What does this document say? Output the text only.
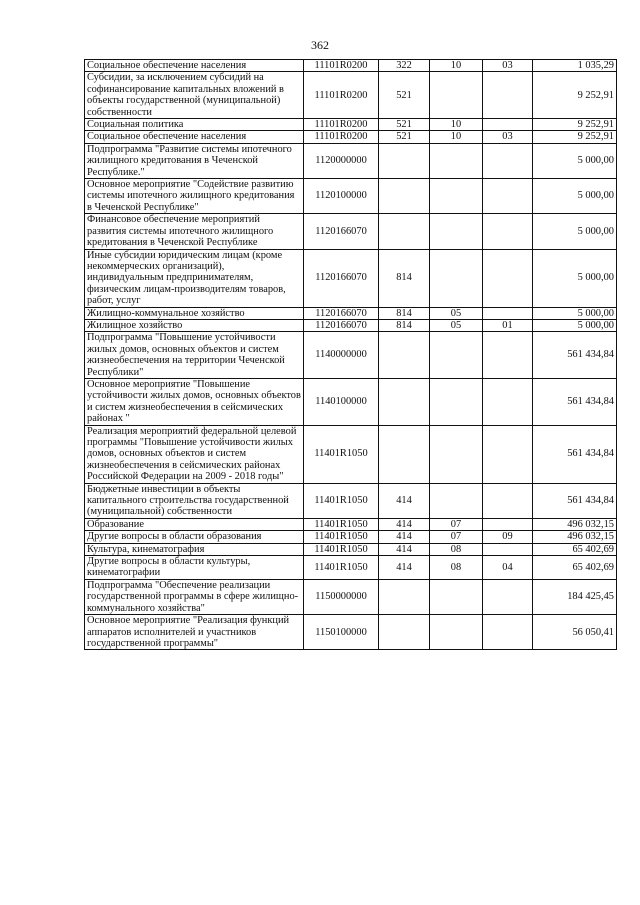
362
Социальное обеспечение населения	11101R0200	322	10	03	1 035,29
Субсидии, за исключением субсидий на софинансирование капитальных вложений в объекты государственной (муниципальной) собственности	11101R0200	521			9 252,91
Социальная политика	11101R0200	521	10		9 252,91
Социальное обеспечение населения	11101R0200	521	10	03	9 252,91
Подпрограмма "Развитие системы ипотечного жилищного кредитования в Чеченской Республике."	1120000000				5 000,00
Основное мероприятие "Содействие развитию системы ипотечного жилищного кредитования в Чеченской Республике"	1120100000				5 000,00
Финансовое обеспечение мероприятий развития системы ипотечного жилищного кредитования в Чеченской Республике	1120166070				5 000,00
Иные субсидии юридическим лицам (кроме некоммерческих организаций), индивидуальным предпринимателям, физическим лицам-производителям товаров, работ, услуг	1120166070	814			5 000,00
Жилищно-коммунальное хозяйство	1120166070	814	05		5 000,00
Жилищное хозяйство	1120166070	814	05	01	5 000,00
Подпрограмма "Повышение устойчивости жилых домов, основных объектов и систем жизнеобеспечения на территории Чеченской Республики"	1140000000				561 434,84
Основное мероприятие "Повышение устойчивости жилых домов, основных объектов и систем жизнеобеспечения в сейсмических районах "	1140100000				561 434,84
Реализация мероприятий федеральной целевой программы "Повышение устойчивости жилых домов, основных объектов и систем жизнеобеспечения в сейсмических районах Российской Федерации на 2009 - 2018 годы"	11401R1050				561 434,84
Бюджетные инвестиции в объекты капитального строительства государственной (муниципальной) собственности	11401R1050	414			561 434,84
Образование	11401R1050	414	07		496 032,15
Другие вопросы в области образования	11401R1050	414	07	09	496 032,15
Культура, кинематография	11401R1050	414	08		65 402,69
Другие вопросы в области культуры, кинематографии	11401R1050	414	08	04	65 402,69
Подпрограмма "Обеспечение реализации государственной программы в сфере жилищно-коммунального хозяйства"	1150000000				184 425,45
Основное мероприятие "Реализация функций аппаратов исполнителей и участников государственной программы"	1150100000				56 050,41
